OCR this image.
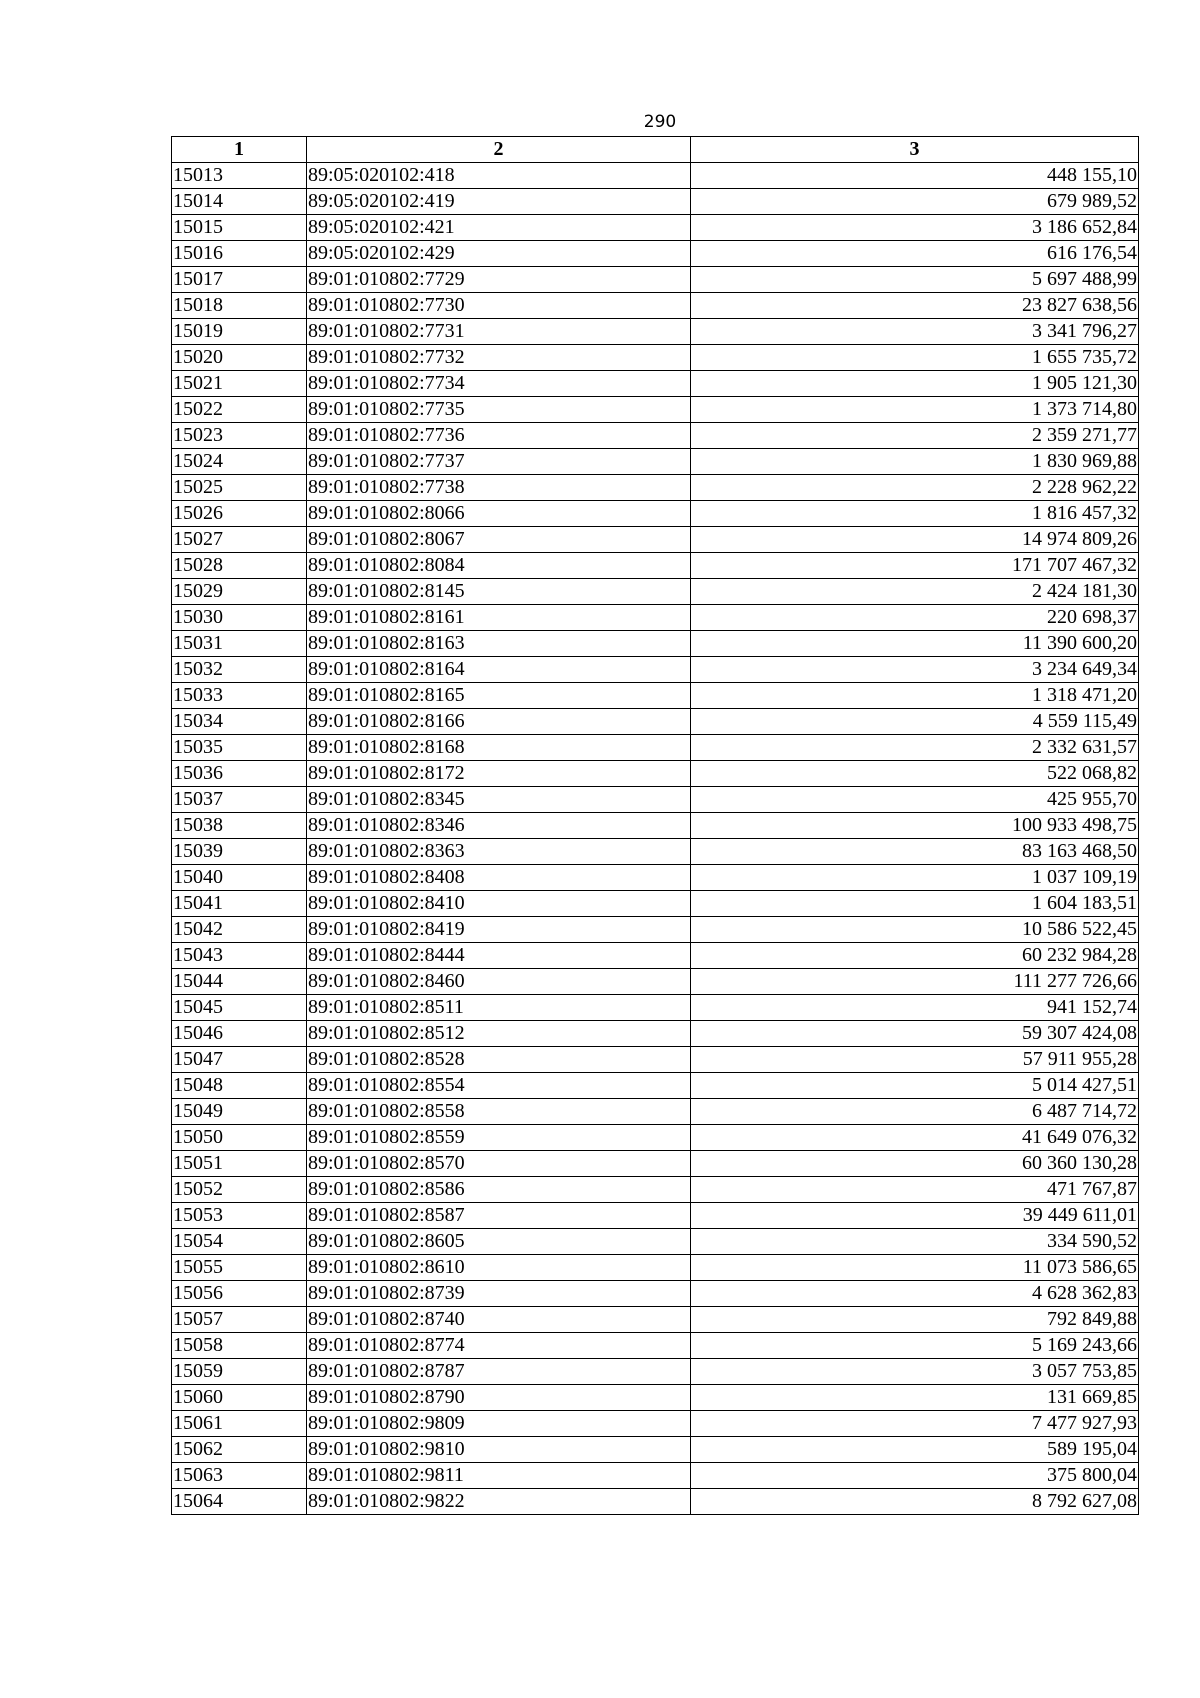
290
1	2	3
15013	89:05:020102:418	448 155,10
15014	89:05:020102:419	679 989,52
15015	89:05:020102:421	3 186 652,84
15016	89:05:020102:429	616 176,54
15017	89:01:010802:7729	5 697 488,99
15018	89:01:010802:7730	23 827 638,56
15019	89:01:010802:7731	3 341 796,27
15020	89:01:010802:7732	1 655 735,72
15021	89:01:010802:7734	1 905 121,30
15022	89:01:010802:7735	1 373 714,80
15023	89:01:010802:7736	2 359 271,77
15024	89:01:010802:7737	1 830 969,88
15025	89:01:010802:7738	2 228 962,22
15026	89:01:010802:8066	1 816 457,32
15027	89:01:010802:8067	14 974 809,26
15028	89:01:010802:8084	171 707 467,32
15029	89:01:010802:8145	2 424 181,30
15030	89:01:010802:8161	220 698,37
15031	89:01:010802:8163	11 390 600,20
15032	89:01:010802:8164	3 234 649,34
15033	89:01:010802:8165	1 318 471,20
15034	89:01:010802:8166	4 559 115,49
15035	89:01:010802:8168	2 332 631,57
15036	89:01:010802:8172	522 068,82
15037	89:01:010802:8345	425 955,70
15038	89:01:010802:8346	100 933 498,75
15039	89:01:010802:8363	83 163 468,50
15040	89:01:010802:8408	1 037 109,19
15041	89:01:010802:8410	1 604 183,51
15042	89:01:010802:8419	10 586 522,45
15043	89:01:010802:8444	60 232 984,28
15044	89:01:010802:8460	111 277 726,66
15045	89:01:010802:8511	941 152,74
15046	89:01:010802:8512	59 307 424,08
15047	89:01:010802:8528	57 911 955,28
15048	89:01:010802:8554	5 014 427,51
15049	89:01:010802:8558	6 487 714,72
15050	89:01:010802:8559	41 649 076,32
15051	89:01:010802:8570	60 360 130,28
15052	89:01:010802:8586	471 767,87
15053	89:01:010802:8587	39 449 611,01
15054	89:01:010802:8605	334 590,52
15055	89:01:010802:8610	11 073 586,65
15056	89:01:010802:8739	4 628 362,83
15057	89:01:010802:8740	792 849,88
15058	89:01:010802:8774	5 169 243,66
15059	89:01:010802:8787	3 057 753,85
15060	89:01:010802:8790	131 669,85
15061	89:01:010802:9809	7 477 927,93
15062	89:01:010802:9810	589 195,04
15063	89:01:010802:9811	375 800,04
15064	89:01:010802:9822	8 792 627,08
